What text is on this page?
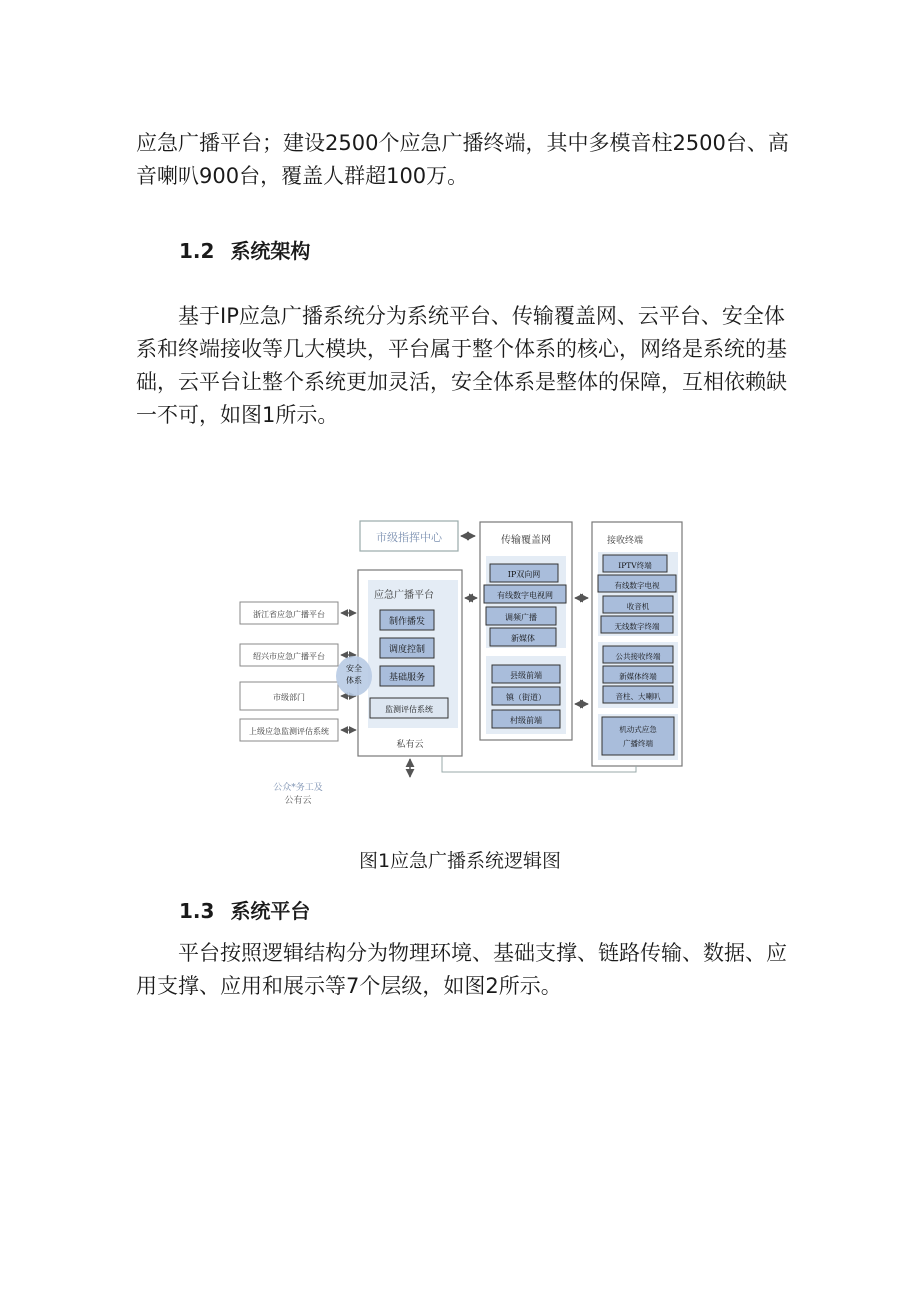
应急广播平台；建设2500个应急广播终端，其中多模音柱2500台、高音喇叭900台，覆盖人群超100万。

1.2 系统架构

基于IP应急广播系统分为系统平台、传输覆盖网、云平台、安全体系和终端接收等几大模块，平台属于整个体系的核心，网络是系统的基础，云平台让整个系统更加灵活，安全体系是整体的保障，互相依赖缺一不可，如图1所示。

市级指挥中心
浙江省应急广播平台
绍兴市应急广播平台
市级部门
上级应急监测评估系统
应急广播平台
制作播发
调度控制
基础服务
安全
体系
监测评估系统
私有云
传输覆盖网
IP双向网
有线数字电视网
调频广播
新媒体
县级前端
镇（街道）
村级前端
接收终端
IPTV终端
有线数字电视
收音机
无线数字终端
公共接收终端
新媒体终端
音柱、大喇叭
机动式应急
广播终端
公众*务工及
公有云

图1应急广播系统逻辑图

1.3 系统平台

平台按照逻辑结构分为物理环境、基础支撑、链路传输、数据、应用支撑、应用和展示等7个层级，如图2所示。
